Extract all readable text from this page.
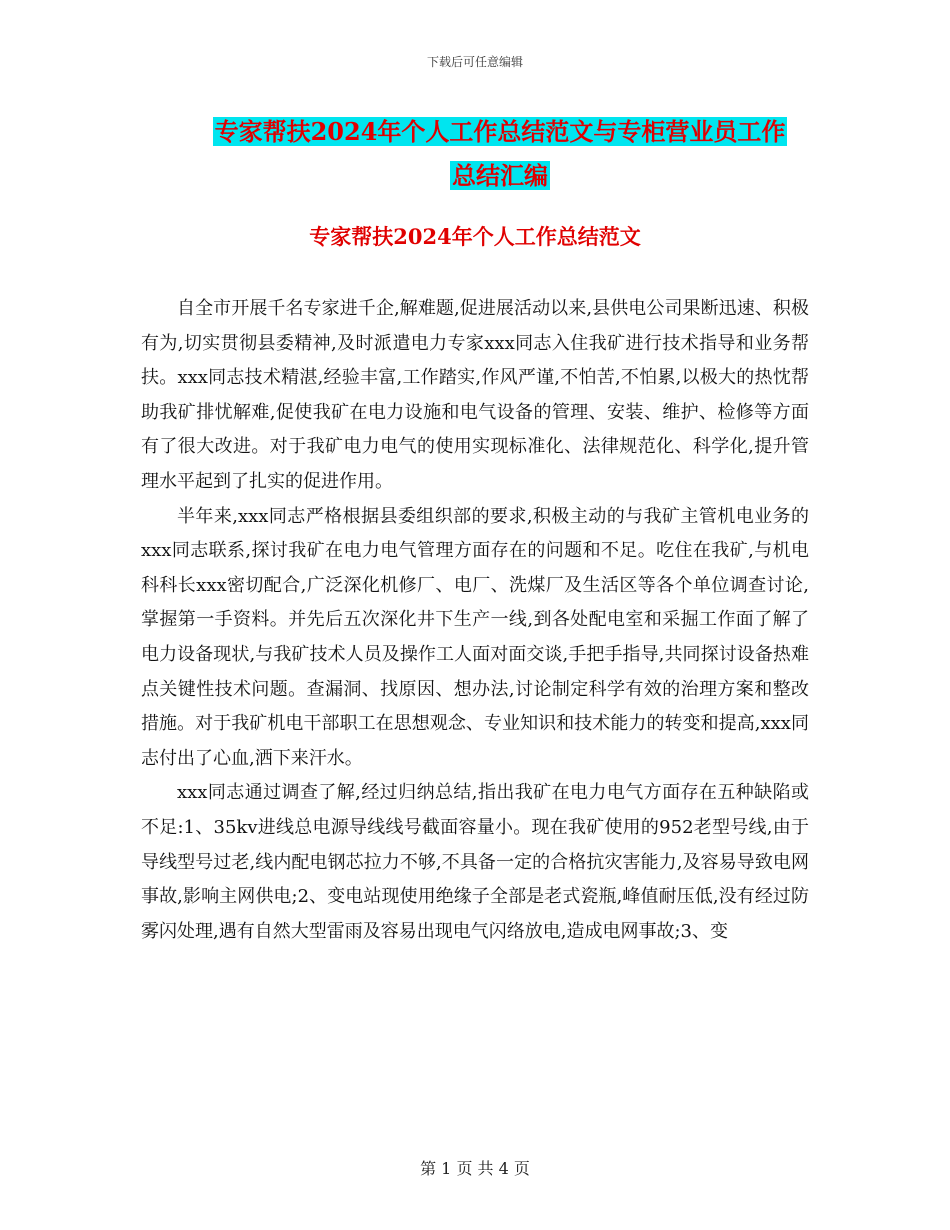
下载后可任意编辑
专家帮扶2024年个人工作总结范文与专柜营业员工作
总结汇编
专家帮扶2024年个人工作总结范文

自全市开展千名专家进千企,解难题,促进展活动以来,县供电公司果断迅速、积极有为,切实贯彻县委精神,及时派遣电力专家xxx同志入住我矿进行技术指导和业务帮扶。xxx同志技术精湛,经验丰富,工作踏实,作风严谨,不怕苦,不怕累,以极大的热忱帮助我矿排忧解难,促使我矿在电力设施和电气设备的管理、安装、维护、检修等方面有了很大改进。对于我矿电力电气的使用实现标准化、法律规范化、科学化,提升管理水平起到了扎实的促进作用。

半年来,xxx同志严格根据县委组织部的要求,积极主动的与我矿主管机电业务的xxx同志联系,探讨我矿在电力电气管理方面存在的问题和不足。吃住在我矿,与机电科科长xxx密切配合,广泛深化机修厂、电厂、洗煤厂及生活区等各个单位调查讨论,掌握第一手资料。并先后五次深化井下生产一线,到各处配电室和采掘工作面了解了电力设备现状,与我矿技术人员及操作工人面对面交谈,手把手指导,共同探讨设备热难点关键性技术问题。查漏洞、找原因、想办法,讨论制定科学有效的治理方案和整改措施。对于我矿机电干部职工在思想观念、专业知识和技术能力的转变和提高,xxx同志付出了心血,洒下来汗水。

xxx同志通过调查了解,经过归纳总结,指出我矿在电力电气方面存在五种缺陷或不足:1、35kv进线总电源导线线号截面容量小。现在我矿使用的952老型号线,由于导线型号过老,线内配电钢芯拉力不够,不具备一定的合格抗灾害能力,及容易导致电网事故,影响主网供电;2、变电站现使用绝缘子全部是老式瓷瓶,峰值耐压低,没有经过防雾闪处理,遇有自然大型雷雨及容易出现电气闪络放电,造成电网事故;3、变

第 1 页 共 4 页
